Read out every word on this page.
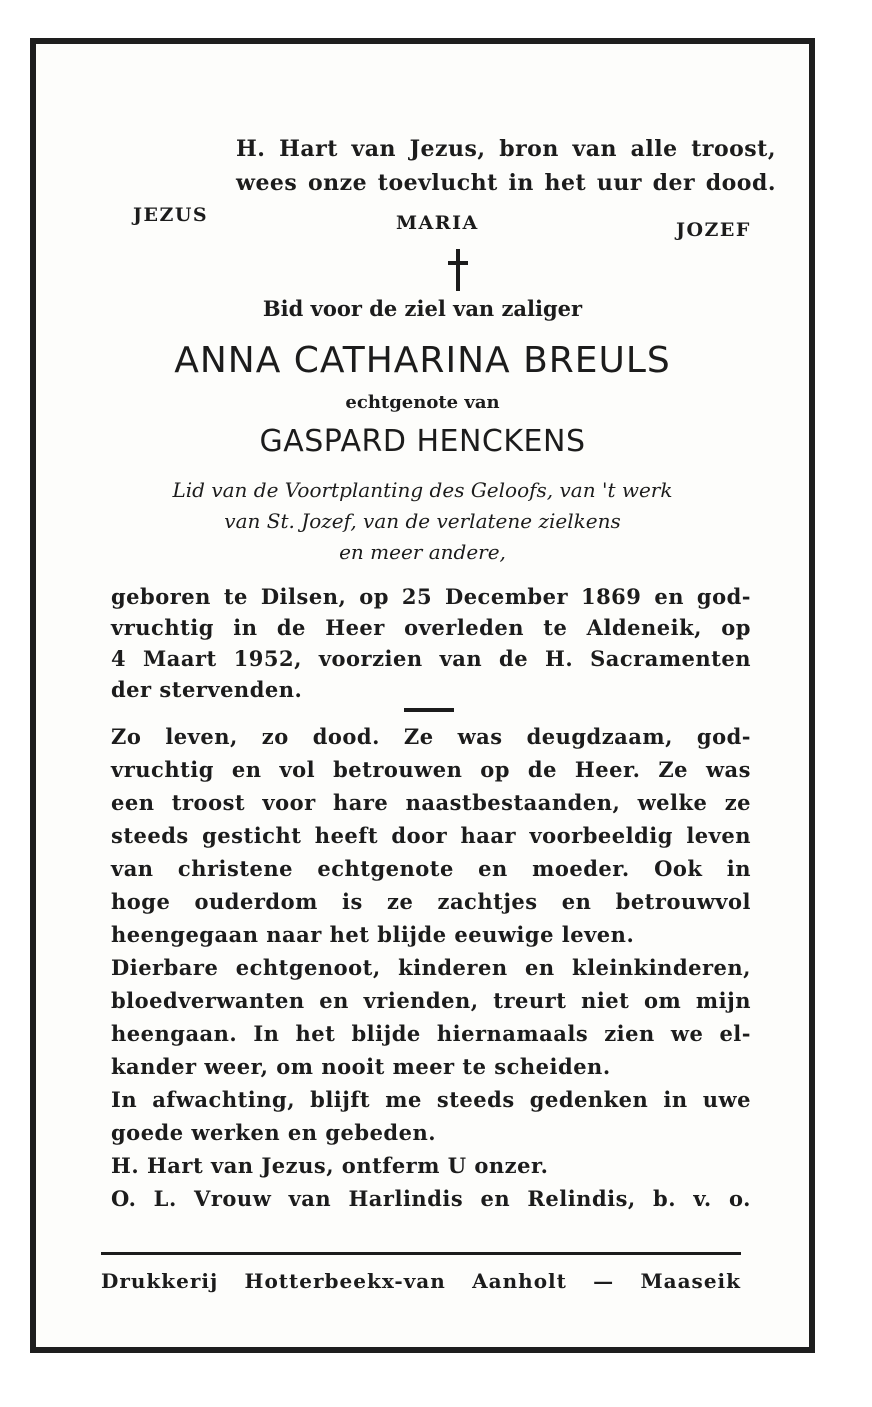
H. Hart van Jezus, bron van alle troost,
wees onze toevlucht in het uur der dood.
JEZUS	MARIA	JOZEF
Bid voor de ziel van zaliger
ANNA CATHARINA BREULS
echtgenote van
GASPARD HENCKENS
Lid van de Voortplanting des Geloofs, van 't werk
van St. Jozef, van de verlatene zielkens
en meer andere,
geboren te Dilsen, op 25 December 1869 en god-
vruchtig in de Heer overleden te Aldeneik, op
4 Maart 1952, voorzien van de H. Sacramenten
der stervenden.
Zo leven, zo dood. Ze was deugdzaam, god-
vruchtig en vol betrouwen op de Heer. Ze was
een troost voor hare naastbestaanden, welke ze
steeds gesticht heeft door haar voorbeeldig leven
van christene echtgenote en moeder. Ook in
hoge ouderdom is ze zachtjes en betrouwvol
heengegaan naar het blijde eeuwige leven.
Dierbare echtgenoot, kinderen en kleinkinderen,
bloedverwanten en vrienden, treurt niet om mijn
heengaan. In het blijde hiernamaals zien we el-
kander weer, om nooit meer te scheiden.
In afwachting, blijft me steeds gedenken in uwe
goede werken en gebeden.
H. Hart van Jezus, ontferm U onzer.
O. L. Vrouw van Harlindis en Relindis, b. v. o.
Drukkerij Hotterbeekx-van Aanholt — Maaseik
